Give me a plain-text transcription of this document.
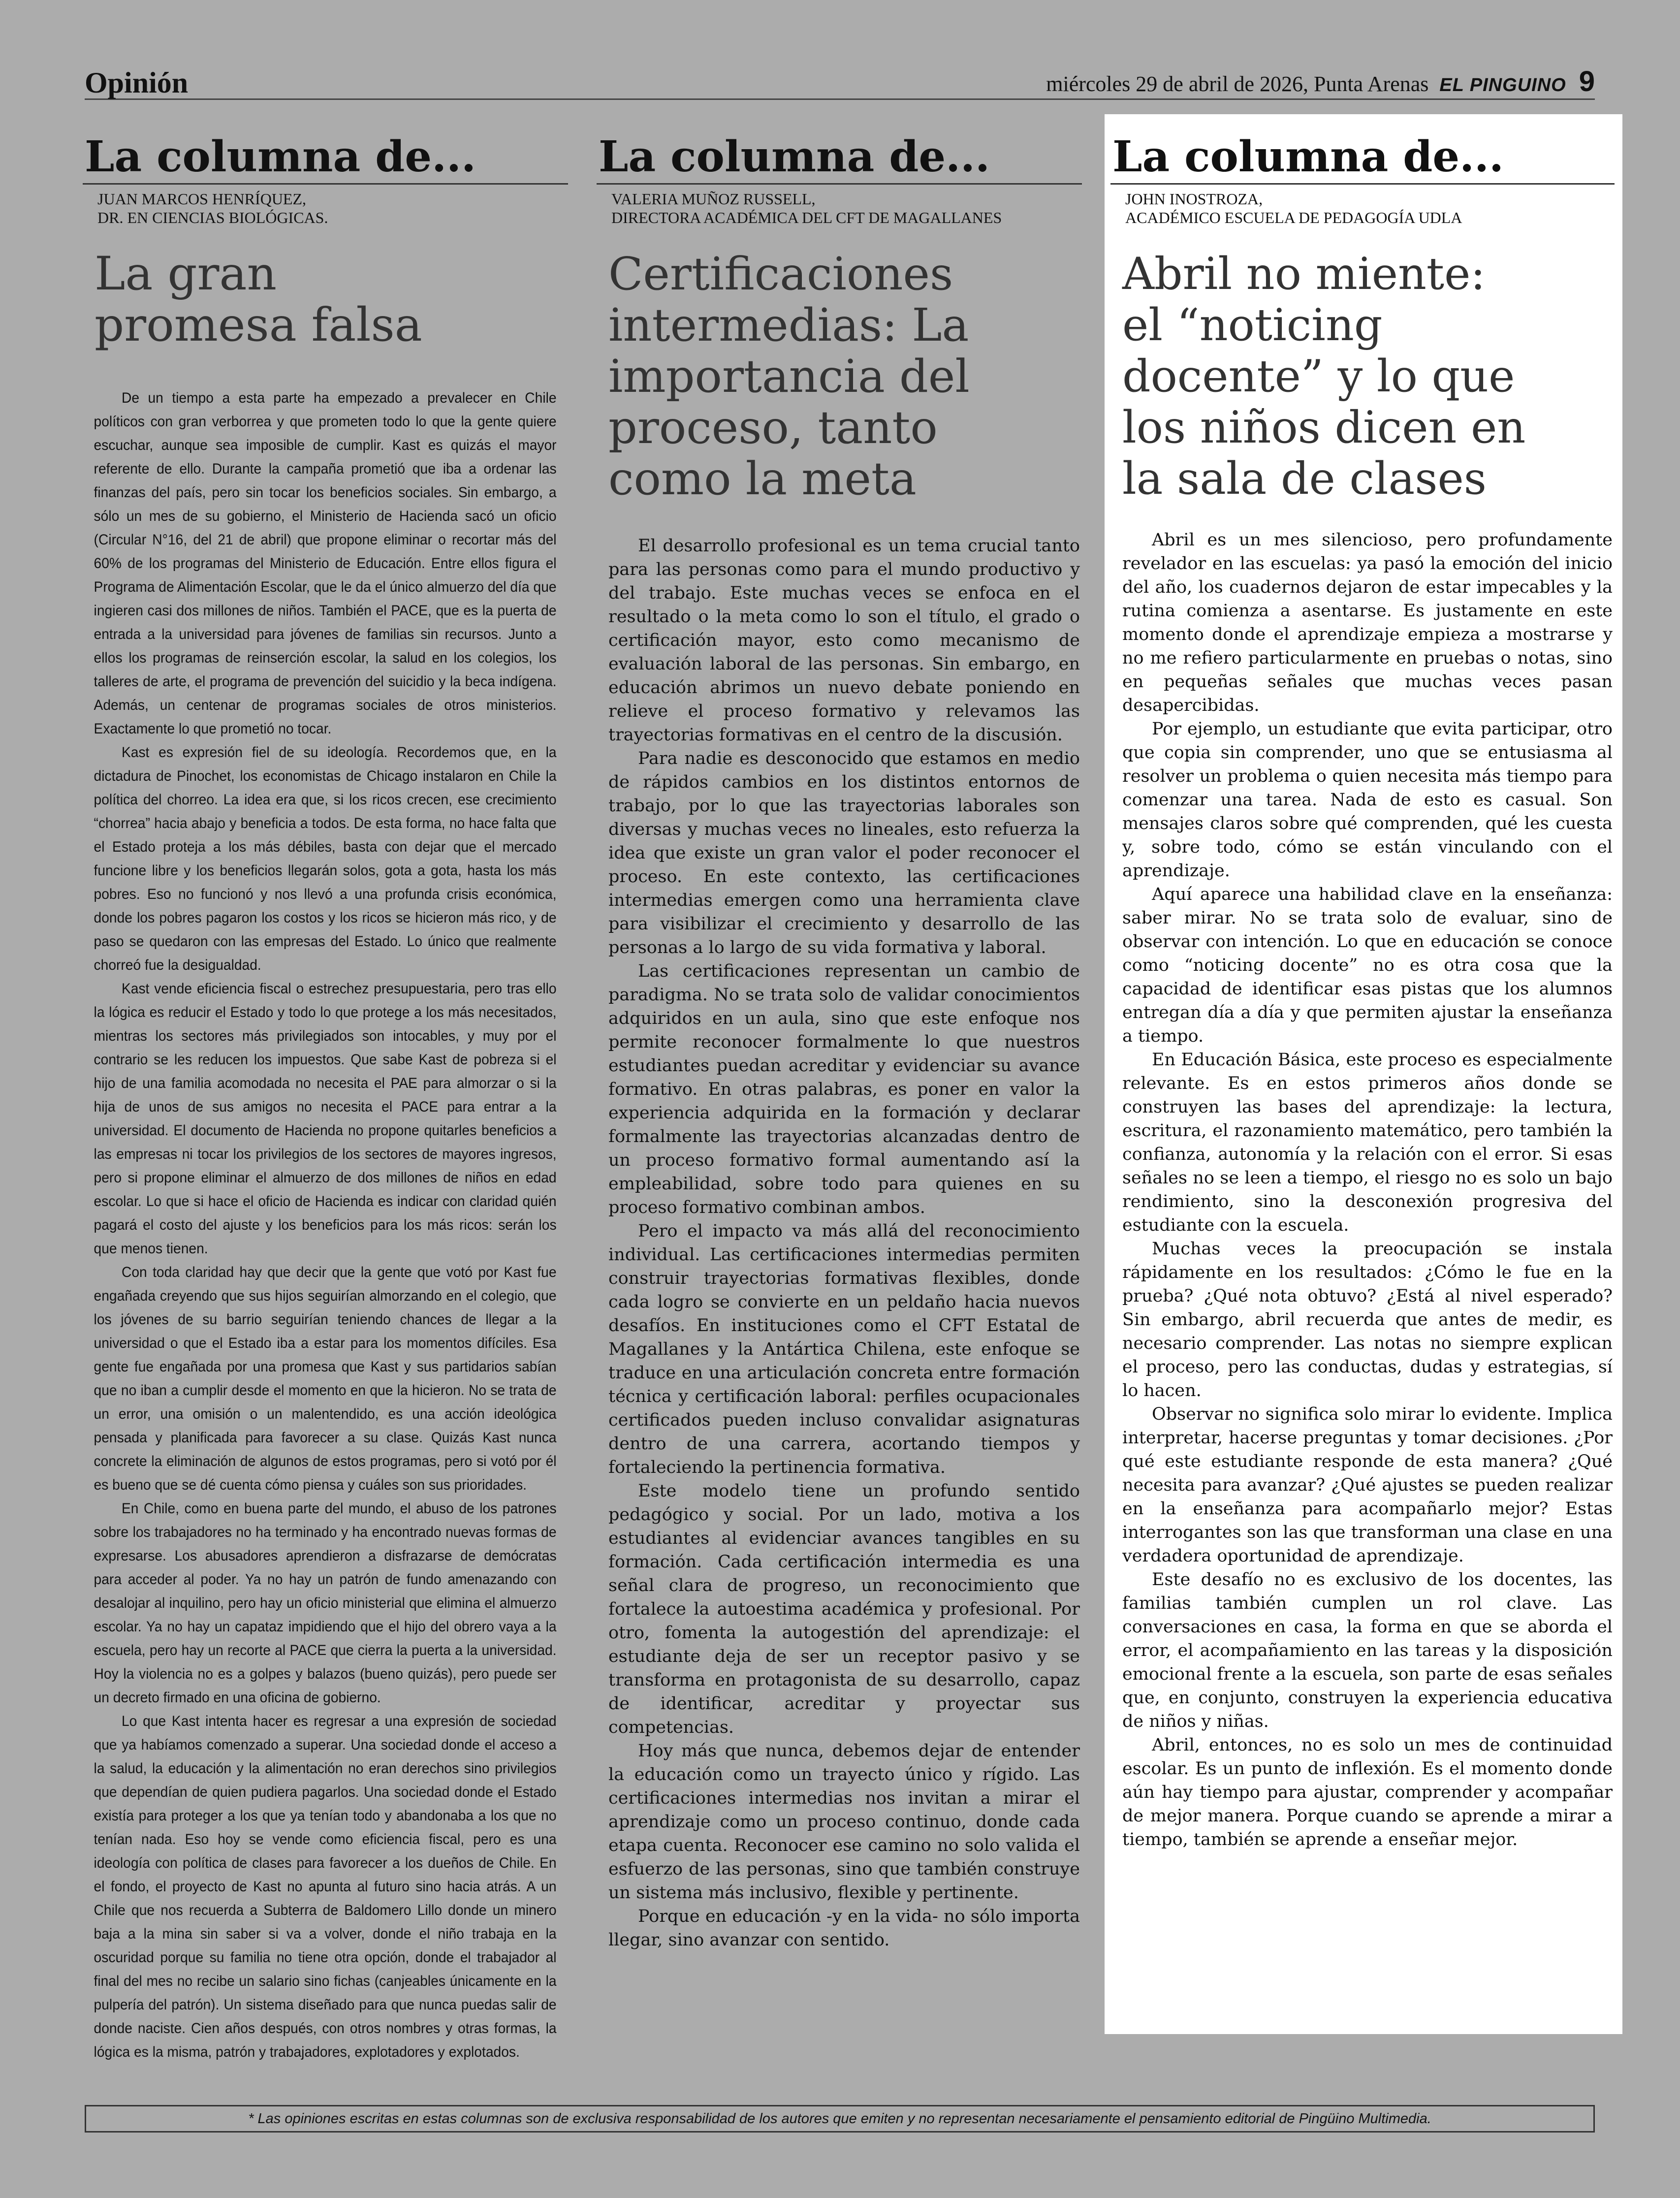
Opinión	miércoles 29 de abril de 2026, Punta Arenas EL PINGUINO 9
La columna de...
JUAN MARCOS HENRÍQUEZ,
DR. EN CIENCIAS BIOLÓGICAS.
La gran
promesa falsa

De un tiempo a esta parte ha empezado a prevalecer en Chile políticos con gran verborrea y que prometen todo lo que la gente quiere escuchar, aunque sea imposible de cumplir. Kast es quizás el mayor referente de ello. Durante la campaña prometió que iba a ordenar las finanzas del país, pero sin tocar los beneficios sociales. Sin embargo, a sólo un mes de su gobierno, el Ministerio de Hacienda sacó un oficio (Circular N°16, del 21 de abril) que propone eliminar o recortar más del 60% de los programas del Ministerio de Educación. Entre ellos figura el Programa de Alimentación Escolar, que le da el único almuerzo del día que ingieren casi dos millones de niños. También el PACE, que es la puerta de entrada a la universidad para jóvenes de familias sin recursos. Junto a ellos los programas de reinserción escolar, la salud en los colegios, los talleres de arte, el programa de prevención del suicidio y la beca indígena. Además, un centenar de programas sociales de otros ministerios. Exactamente lo que prometió no tocar.

Kast es expresión fiel de su ideología. Recordemos que, en la dictadura de Pinochet, los economistas de Chicago instalaron en Chile la política del chorreo. La idea era que, si los ricos crecen, ese crecimiento “chorrea” hacia abajo y beneficia a todos. De esta forma, no hace falta que el Estado proteja a los más débiles, basta con dejar que el mercado funcione libre y los beneficios llegarán solos, gota a gota, hasta los más pobres. Eso no funcionó y nos llevó a una profunda crisis económica, donde los pobres pagaron los costos y los ricos se hicieron más rico, y de paso se quedaron con las empresas del Estado. Lo único que realmente chorreó fue la desigualdad.

Kast vende eficiencia fiscal o estrechez presupuestaria, pero tras ello la lógica es reducir el Estado y todo lo que protege a los más necesitados, mientras los sectores más privilegiados son intocables, y muy por el contrario se les reducen los impuestos. Que sabe Kast de pobreza si el hijo de una familia acomodada no necesita el PAE para almorzar o si la hija de unos de sus amigos no necesita el PACE para entrar a la universidad. El documento de Hacienda no propone quitarles beneficios a las empresas ni tocar los privilegios de los sectores de mayores ingresos, pero si propone eliminar el almuerzo de dos millones de niños en edad escolar. Lo que si hace el oficio de Hacienda es indicar con claridad quién pagará el costo del ajuste y los beneficios para los más ricos: serán los que menos tienen.

Con toda claridad hay que decir que la gente que votó por Kast fue engañada creyendo que sus hijos seguirían almorzando en el colegio, que los jóvenes de su barrio seguirían teniendo chances de llegar a la universidad o que el Estado iba a estar para los momentos difíciles. Esa gente fue engañada por una promesa que Kast y sus partidarios sabían que no iban a cumplir desde el momento en que la hicieron. No se trata de un error, una omisión o un malentendido, es una acción ideológica pensada y planificada para favorecer a su clase. Quizás Kast nunca concrete la eliminación de algunos de estos programas, pero si votó por él es bueno que se dé cuenta cómo piensa y cuáles son sus prioridades.

En Chile, como en buena parte del mundo, el abuso de los patrones sobre los trabajadores no ha terminado y ha encontrado nuevas formas de expresarse. Los abusadores aprendieron a disfrazarse de demócratas para acceder al poder. Ya no hay un patrón de fundo amenazando con desalojar al inquilino, pero hay un oficio ministerial que elimina el almuerzo escolar. Ya no hay un capataz impidiendo que el hijo del obrero vaya a la escuela, pero hay un recorte al PACE que cierra la puerta a la universidad. Hoy la violencia no es a golpes y balazos (bueno quizás), pero puede ser un decreto firmado en una oficina de gobierno.

Lo que Kast intenta hacer es regresar a una expresión de sociedad que ya habíamos comenzado a superar. Una sociedad donde el acceso a la salud, la educación y la alimentación no eran derechos sino privilegios que dependían de quien pudiera pagarlos. Una sociedad donde el Estado existía para proteger a los que ya tenían todo y abandonaba a los que no tenían nada. Eso hoy se vende como eficiencia fiscal, pero es una ideología con política de clases para favorecer a los dueños de Chile. En el fondo, el proyecto de Kast no apunta al futuro sino hacia atrás. A un Chile que nos recuerda a Subterra de Baldomero Lillo donde un minero baja a la mina sin saber si va a volver, donde el niño trabaja en la oscuridad porque su familia no tiene otra opción, donde el trabajador al final del mes no recibe un salario sino fichas (canjeables únicamente en la pulpería del patrón). Un sistema diseñado para que nunca puedas salir de donde naciste. Cien años después, con otros nombres y otras formas, la lógica es la misma, patrón y trabajadores, explotadores y explotados.

La columna de...
VALERIA MUÑOZ RUSSELL,
DIRECTORA ACADÉMICA DEL CFT DE MAGALLANES
Certificaciones
intermedias: La
importancia del
proceso, tanto
como la meta

El desarrollo profesional es un tema crucial tanto para las personas como para el mundo productivo y del trabajo. Este muchas veces se enfoca en el resultado o la meta como lo son el título, el grado o certificación mayor, esto como mecanismo de evaluación laboral de las personas. Sin embargo, en educación abrimos un nuevo debate poniendo en relieve el proceso formativo y relevamos las trayectorias formativas en el centro de la discusión.

Para nadie es desconocido que estamos en medio de rápidos cambios en los distintos entornos de trabajo, por lo que las trayectorias laborales son diversas y muchas veces no lineales, esto refuerza la idea que existe un gran valor el poder reconocer el proceso. En este contexto, las certificaciones intermedias emergen como una herramienta clave para visibilizar el crecimiento y desarrollo de las personas a lo largo de su vida formativa y laboral.

Las certificaciones representan un cambio de paradigma. No se trata solo de validar conocimientos adquiridos en un aula, sino que este enfoque nos permite reconocer formalmente lo que nuestros estudiantes puedan acreditar y evidenciar su avance formativo. En otras palabras, es poner en valor la experiencia adquirida en la formación y declarar formalmente las trayectorias alcanzadas dentro de un proceso formativo formal aumentando así la empleabilidad, sobre todo para quienes en su proceso formativo combinan ambos.

Pero el impacto va más allá del reconocimiento individual. Las certificaciones intermedias permiten construir trayectorias formativas flexibles, donde cada logro se convierte en un peldaño hacia nuevos desafíos. En instituciones como el CFT Estatal de Magallanes y la Antártica Chilena, este enfoque se traduce en una articulación concreta entre formación técnica y certificación laboral: perfiles ocupacionales certificados pueden incluso convalidar asignaturas dentro de una carrera, acortando tiempos y fortaleciendo la pertinencia formativa.

Este modelo tiene un profundo sentido pedagógico y social. Por un lado, motiva a los estudiantes al evidenciar avances tangibles en su formación. Cada certificación intermedia es una señal clara de progreso, un reconocimiento que fortalece la autoestima académica y profesional. Por otro, fomenta la autogestión del aprendizaje: el estudiante deja de ser un receptor pasivo y se transforma en protagonista de su desarrollo, capaz de identificar, acreditar y proyectar sus competencias.

Hoy más que nunca, debemos dejar de entender la educación como un trayecto único y rígido. Las certificaciones intermedias nos invitan a mirar el aprendizaje como un proceso continuo, donde cada etapa cuenta. Reconocer ese camino no solo valida el esfuerzo de las personas, sino que también construye un sistema más inclusivo, flexible y pertinente.

Porque en educación -y en la vida- no sólo importa llegar, sino avanzar con sentido.

La columna de...
JOHN INOSTROZA,
ACADÉMICO ESCUELA DE PEDAGOGÍA UDLA
Abril no miente:
el “noticing
docente” y lo que
los niños dicen en
la sala de clases

Abril es un mes silencioso, pero profundamente revelador en las escuelas: ya pasó la emoción del inicio del año, los cuadernos dejaron de estar impecables y la rutina comienza a asentarse. Es justamente en este momento donde el aprendizaje empieza a mostrarse y no me refiero particularmente en pruebas o notas, sino en pequeñas señales que muchas veces pasan desapercibidas.

Por ejemplo, un estudiante que evita participar, otro que copia sin comprender, uno que se entusiasma al resolver un problema o quien necesita más tiempo para comenzar una tarea. Nada de esto es casual. Son mensajes claros sobre qué comprenden, qué les cuesta y, sobre todo, cómo se están vinculando con el aprendizaje.

Aquí aparece una habilidad clave en la enseñanza: saber mirar. No se trata solo de evaluar, sino de observar con intención. Lo que en educación se conoce como “noticing docente” no es otra cosa que la capacidad de identificar esas pistas que los alumnos entregan día a día y que permiten ajustar la enseñanza a tiempo.

En Educación Básica, este proceso es especialmente relevante. Es en estos primeros años donde se construyen las bases del aprendizaje: la lectura, escritura, el razonamiento matemático, pero también la confianza, autonomía y la relación con el error. Si esas señales no se leen a tiempo, el riesgo no es solo un bajo rendimiento, sino la desconexión progresiva del estudiante con la escuela.

Muchas veces la preocupación se instala rápidamente en los resultados: ¿Cómo le fue en la prueba? ¿Qué nota obtuvo? ¿Está al nivel esperado? Sin embargo, abril recuerda que antes de medir, es necesario comprender. Las notas no siempre explican el proceso, pero las conductas, dudas y estrategias, sí lo hacen.

Observar no significa solo mirar lo evidente. Implica interpretar, hacerse preguntas y tomar decisiones. ¿Por qué este estudiante responde de esta manera? ¿Qué necesita para avanzar? ¿Qué ajustes se pueden realizar en la enseñanza para acompañarlo mejor? Estas interrogantes son las que transforman una clase en una verdadera oportunidad de aprendizaje.

Este desafío no es exclusivo de los docentes, las familias también cumplen un rol clave. Las conversaciones en casa, la forma en que se aborda el error, el acompañamiento en las tareas y la disposición emocional frente a la escuela, son parte de esas señales que, en conjunto, construyen la experiencia educativa de niños y niñas.

Abril, entonces, no es solo un mes de continuidad escolar. Es un punto de inflexión. Es el momento donde aún hay tiempo para ajustar, comprender y acompañar de mejor manera. Porque cuando se aprende a mirar a tiempo, también se aprende a enseñar mejor.

* Las opiniones escritas en estas columnas son de exclusiva responsabilidad de los autores que emiten y no representan necesariamente el pensamiento editorial de Pingüino Multimedia.
